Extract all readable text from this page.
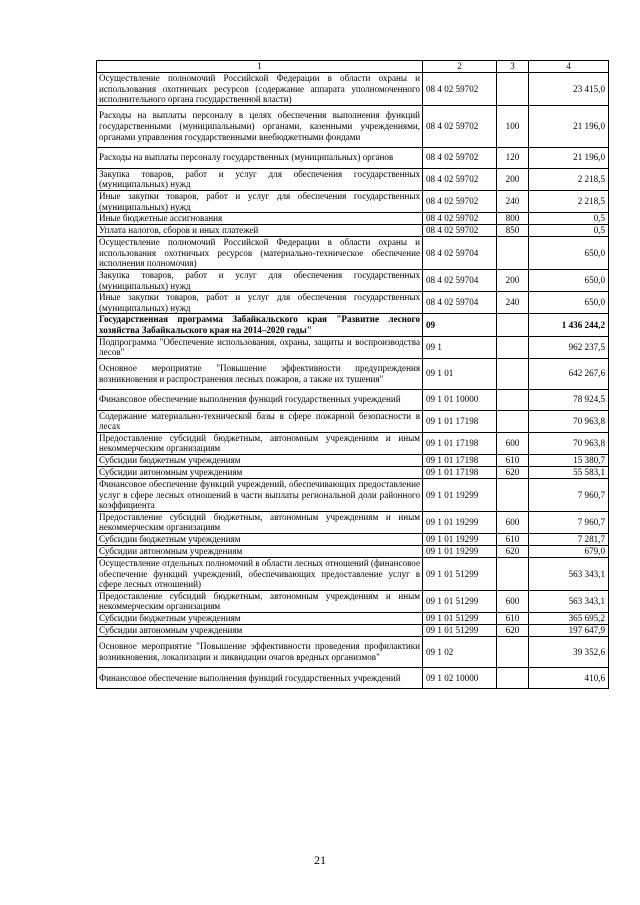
1	2	3	4
Осуществление полномочий Российской Федерации в области охраны и использования охотничьих ресурсов (содержание аппарата уполномоченного исполнительного органа государственной власти)	08 4 02 59702		23 415,0
Расходы на выплаты персоналу в целях обеспечения выполнения функций государственными (муниципальными) органами, казенными учреждениями, органами управления государственными внебюджетными фондами	08 4 02 59702	100	21 196,0
Расходы на выплаты персоналу государственных (муниципальных) органов	08 4 02 59702	120	21 196,0
Закупка товаров, работ и услуг для обеспечения государственных (муниципальных) нужд	08 4 02 59702	200	2 218,5
Иные закупки товаров, работ и услуг для обеспечения государственных (муниципальных) нужд	08 4 02 59702	240	2 218,5
Иные бюджетные ассигнования	08 4 02 59702	800	0,5
Уплата налогов, сборов и иных платежей	08 4 02 59702	850	0,5
Осуществление полномочий Российской Федерации в области охраны и использования охотничьих ресурсов (материально-техническое обеспечение исполнения полномочия)	08 4 02 59704		650,0
Закупка товаров, работ и услуг для обеспечения государственных (муниципальных) нужд	08 4 02 59704	200	650,0
Иные закупки товаров, работ и услуг для обеспечения государственных (муниципальных) нужд	08 4 02 59704	240	650,0
Государственная программа Забайкальского края "Развитие лесного хозяйства Забайкальского края на 2014–2020 годы"	09		1 436 244,2
Подпрограмма "Обеспечение использования, охраны, защиты и воспроизводства лесов"	09 1		962 237,5
Основное мероприятие "Повышение эффективности предупреждения возникновения и распространения лесных пожаров, а также их тушения"	09 1 01		642 267,6
Финансовое обеспечение выполнения функций государственных учреждений	09 1 01 10000		78 924,5
Содержание материально-технической базы в сфере пожарной безопасности в лесах	09 1 01 17198		70 963,8
Предоставление субсидий бюджетным, автономным учреждениям и иным некоммерческим организациям	09 1 01 17198	600	70 963,8
Субсидии бюджетным учреждениям	09 1 01 17198	610	15 380,7
Субсидии автономным учреждениям	09 1 01 17198	620	55 583,1
Финансовое обеспечение функций учреждений, обеспечивающих предоставление услуг в сфере лесных отношений в части выплаты региональной доли районного коэффициента	09 1 01 19299		7 960,7
Предоставление субсидий бюджетным, автономным учреждениям и иным некоммерческим организациям	09 1 01 19299	600	7 960,7
Субсидии бюджетным учреждениям	09 1 01 19299	610	7 281,7
Субсидии автономным учреждениям	09 1 01 19299	620	679,0
Осуществление отдельных полномочий в области лесных отношений (финансовое обеспечение функций учреждений, обеспечивающих предоставление услуг в сфере лесных отношений)	09 1 01 51299		563 343,1
Предоставление субсидий бюджетным, автономным учреждениям и иным некоммерческим организациям	09 1 01 51299	600	563 343,1
Субсидии бюджетным учреждениям	09 1 01 51299	610	365 695,2
Субсидии автономным учреждениям	09 1 01 51299	620	197 647,9
Основное мероприятие "Повышение эффективности проведения профилактики возникновения, локализации и ликвидации очагов вредных организмов"	09 1 02		39 352,6
Финансовое обеспечение выполнения функций государственных учреждений	09 1 02 10000		410,6
21
